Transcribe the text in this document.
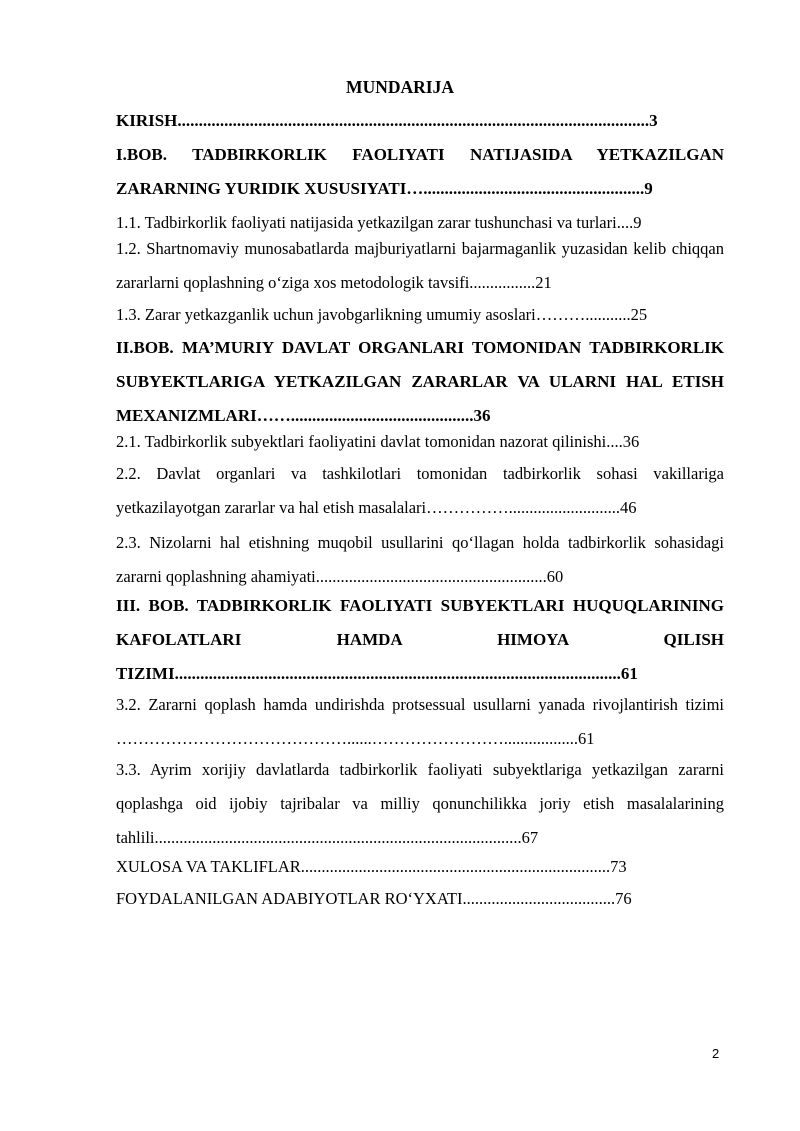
MUNDARIJA
KIRISH...............................................................................................................3
I.BOB. TADBIRKORLIK FAOLIYATI NATIJASIDA YETKAZILGAN ZARARNING YURIDIK XUSUSIYATI…....................................................9
1.1. Tadbirkorlik faoliyati natijasida yetkazilgan zarar tushunchasi va turlari....9
1.2. Shartnomaviy munosabatlarda majburiyatlarni bajarmaganlik yuzasidan kelib chiqqan zararlarni qoplashning o‘ziga xos metodologik tavsifi................21
1.3. Zarar yetkazganlik uchun javobgarlikning umumiy asoslari………...........25
II.BOB. MA’MURIY DAVLAT ORGANLARI TOMONIDAN TADBIRKORLIK SUBYEKTLARIGA YETKAZILGAN ZARARLAR VA ULARNI HAL ETISH MEXANIZMLARI……...........................................36
2.1. Tadbirkorlik subyektlari faoliyatini davlat tomonidan nazorat qilinishi....36
2.2. Davlat organlari va tashkilotlari tomonidan tadbirkorlik sohasi vakillariga yetkazilayotgan zararlar va hal etish masalalari……………...........................46
2.3. Nizolarni hal etishning muqobil usullarini qo‘llagan holda tadbirkorlik sohasidagi zararni qoplashning ahamiyati........................................................60
III. BOB. TADBIRKORLIK FAOLIYATI SUBYEKTLARI HUQUQLARINING KAFOLATLARI HAMDA HIMOYA QILISH TIZIMI.........................................................................................................61
3.2. Zararni qoplash hamda undirishda protsessual usullarni yanada rivojlantirish tizimi ……………………………………......……………………..................61
3.3. Ayrim xorijiy davlatlarda tadbirkorlik faoliyati subyektlariga yetkazilgan zararni qoplashga oid ijobiy tajribalar va milliy qonunchilikka joriy etish masalalarining tahlili.........................................................................................67
XULOSA VA TAKLIFLAR...........................................................................73
FOYDALANILGAN ADABIYOTLAR RO‘YXATI.....................................76
2
